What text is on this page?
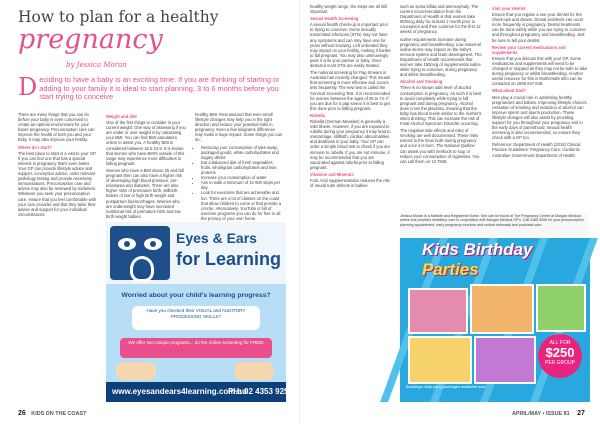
How to plan for a healthy
pregnancy
by Jessica Moran

D eciding to have a baby is an exciting time. If you are thinking of starting or adding to your family it is ideal to start planning, 3 to 6 months before you start trying to conceive

There are many things that you can do before your baby is even conceived to create an optimal environment for your future pregnancy. Preconception care can improve the health of both you and your baby. It may also improve your fertility.

Where do I start?

The best place to start is a visit to your GP. If you can find one that has a special interest in pregnancy that's even better. Your GP can provide lifestyle advice and support, conception advice, order relevant pathology testing and provide necessary immunisations. Preconception care and advice may also be reviewed by midwives. Whatever you seek your preconception care, ensure that you feel comfortable with your care provider and that they tailor their advice and support for your individual circumstances.

Weight and diet

One of the first things to consider is your current weight. One way of assessing if you are under or over weight is by calculating your BMI. You can find BMI calculators online to assist you. A healthy BMI is considered between 18.5-24.9. It is known that women who have BMI's outside of this range may experience more difficulties in falling pregnant.

Women who have a BMI above 25 and fall pregnant then can also have a higher risk of developing high blood pressure, pre-eclampsia and diabetes. There are also higher risks of premature birth, stillbirth, babies of low or high birth weight and postpartum haemorrhages. Women who are underweight may have increased nutritional risk of premature birth and low birth weight babies.

healthy BMI. Rest assured that even small lifestyle changes may help you in the right direction and reduce your potential risks in pregnancy. Even a few kilograms difference may make a huge impact. Some things you can do:

• Reducing your consumption of take-away, packaged goods, white carbohydrates and sugary drinks
• Eat a balanced diet of fresh vegetables, fruits, wholegrain carbohydrates and lean proteins
• Increase your consumption of water
• Aim to walk a minimum of 10 000 steps per day
• Look for exercises that are achievable and fun. There are a lot of classes on the coast that allow children to come or that provide a creche. Alternatively, YouTube is full of exercise programs you can do for free in all the privacy of your own home.

Eyes & Ears
for Learning
Worried about your child's learning progress?
Have you checked their VISUAL and AUDITORY PROCESSING SKILLS?
We offer two unique programs... do the online screening for FREE!
www.eyesandears4learning.com.au
PH: 02 4353 9255
26 KIDS ON THE COAST

healthy weight range, the steps are all still important.

Sexual Health Screening

A sexual health check-up is important prior to trying to conceive. Some sexually transmitted infections (STIs) may not have any symptoms and can may have one for years without knowing. Left untreated they may impact on your fertility, making it harder to fall pregnant. You may also unknowingly pass it onto your partner or baby. Once detected most STIs are easily treated.

The national screening for Pap Smears in Australia has recently changed. This means that screening is more effective and occurs less frequently. The new test is called the Cervical Screening Test. It is recommended for women between the ages of 25 to 74. If you are due for a pap smear it is best to get this done prior to falling pregnant.

Rubella

Rubella (German Measles) is generally a mild illness. However, if you are exposed to rubella during your pregnancy it may lead to miscarriage, stillbirth, cardiac abnormalities and deafness in your baby. Your GP can order a simple blood test to check if you are immune to rubella. If you are not immune, it may be recommended that you are vaccinated against rubella prior to falling pregnant.

Vitamins and Minerals

Folic Acid supplementation reduces the risk of neural tube defects in babies

such as spina bifida and anencephaly. The current recommendation from the Department of Health is that women take 500mcg daily for at least 1 month prior to conception and then continue for the first 12 weeks of pregnancy.

Iodine requirements increase during pregnancy and breastfeeding. Low maternal iodine stores may impact on the baby's nervous system and brain development. The Department of Health recommends that women take 150mcg of supplemental iodine while trying to conceive, during pregnancy and whilst breastfeeding.

Alcohol and Smoking

There is no known safe level of alcohol consumption in pregnancy. As such it is best to avoid completely while trying to fall pregnant and during pregnancy. Alcohol does cross the placenta, meaning that the baby has blood levels similar to the mother's when drinking. This can increase the risk of Fetal Alcohol Spectrum Disorder occurring.

The negative side effects and risks of smoking are well documented. These risks extend to the fetus both during pregnancy and once it is born. The National Quitline can assist you with methods to stop or reduce your consumption of cigarettes. You can call them on 13 7848.

Visit your dentist

Ensure that you regular a see your dentist for the check-ups and cleans. Dental problems can occur more frequently in pregnancy. Dental treatments can be done safely while you are trying to conceive and throughout pregnancy and breastfeeding. Just be sure to tell your dentist.

Review your current medications and supplements

Ensure that you discuss this with your GP. Some medications and supplements will need to be changed or stopped as they may not be safe to take during pregnancy or whilst breastfeeding. Another useful resource for this is Mothersafe who can be contacted on 1800 647 848.

What about Dad?

Men play a crucial role in optimising healthy pregnancies and babies. Improving lifestyle choices, cessation of smoking and reduction of alcohol can improve sperm and sperm production. These lifestyle changes will also assist by providing support for you throughout your pregnancy and in the early days of parenthood. Sexual health screening is also recommended, so ensure they check with a GP too.

Reference: Department of Health (2018) Clinical Practice Guidelines: Pregnancy Care. Canberra: Australian Government Department of Health.

Jessica Moran is a Midwife and Registered Nurse. She can be found at The Pregnancy Centre at Morgan Medical where she provides midwifery care in conjunction with Morgan Medical GP's. Call 4365 0055 for your preconception planning appointment, early pregnancy services and routine antenatal and postnatal care.

Kids Birthday
Parties
ALL FOR
$250
PER GROUP
Bookings: kids party packages available now
APRIL/MAY • ISSUE 81 27
